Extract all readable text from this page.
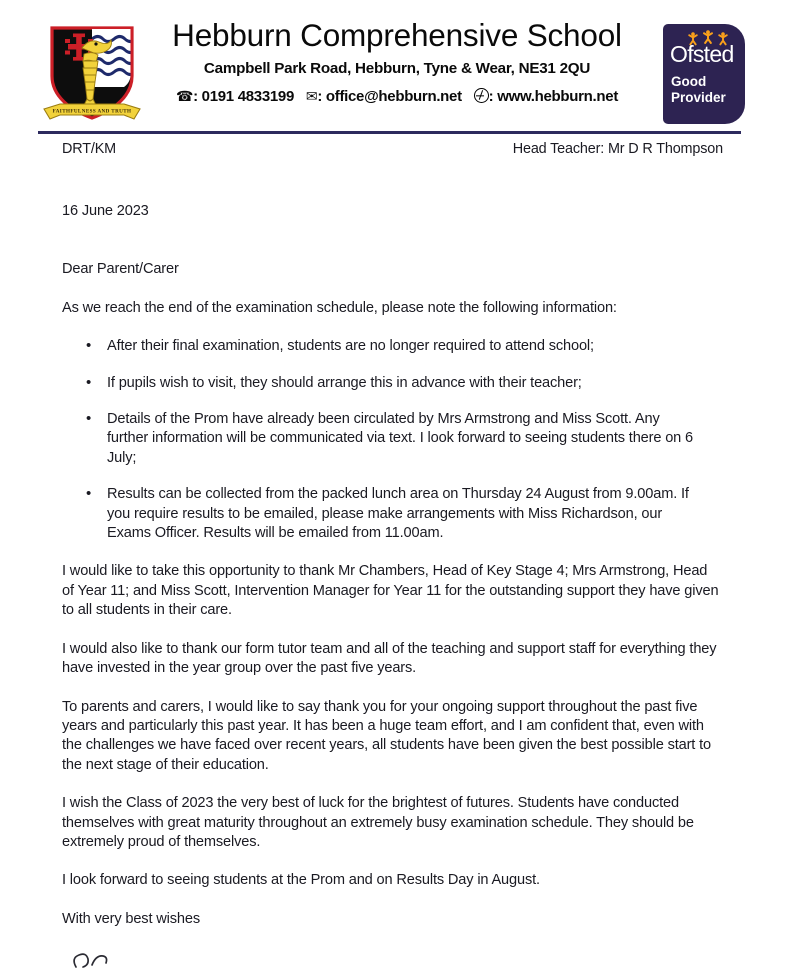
FAITHFULNESS AND TRUTH
Hebburn Comprehensive School
Campbell Park Road, Hebburn, Tyne & Wear, NE31 2QU
☎: 0191 4833199 ✉: office@hebburn.net : www.hebburn.net
Ofsted
Good
Provider
DRT/KM	Head Teacher: Mr D R Thompson

16 June 2023

Dear Parent/Carer

As we reach the end of the examination schedule, please note the following information:

• After their final examination, students are no longer required to attend school;
• If pupils wish to visit, they should arrange this in advance with their teacher;
• Details of the Prom have already been circulated by Mrs Armstrong and Miss Scott. Any further information will be communicated via text. I look forward to seeing students there on 6 July;
• Results can be collected from the packed lunch area on Thursday 24 August from 9.00am. If you require results to be emailed, please make arrangements with Miss Richardson, our Exams Officer. Results will be emailed from 11.00am.

I would like to take this opportunity to thank Mr Chambers, Head of Key Stage 4; Mrs Armstrong, Head of Year 11; and Miss Scott, Intervention Manager for Year 11 for the outstanding support they have given to all students in their care.

I would also like to thank our form tutor team and all of the teaching and support staff for everything they have invested in the year group over the past five years.

To parents and carers, I would like to say thank you for your ongoing support throughout the past five years and particularly this past year. It has been a huge team effort, and I am confident that, even with the challenges we have faced over recent years, all students have been given the best possible start to the next stage of their education.

I wish the Class of 2023 the very best of luck for the brightest of futures. Students have conducted themselves with great maturity throughout an extremely busy examination schedule. They should be extremely proud of themselves.

I look forward to seeing students at the Prom and on Results Day in August.

With very best wishes
